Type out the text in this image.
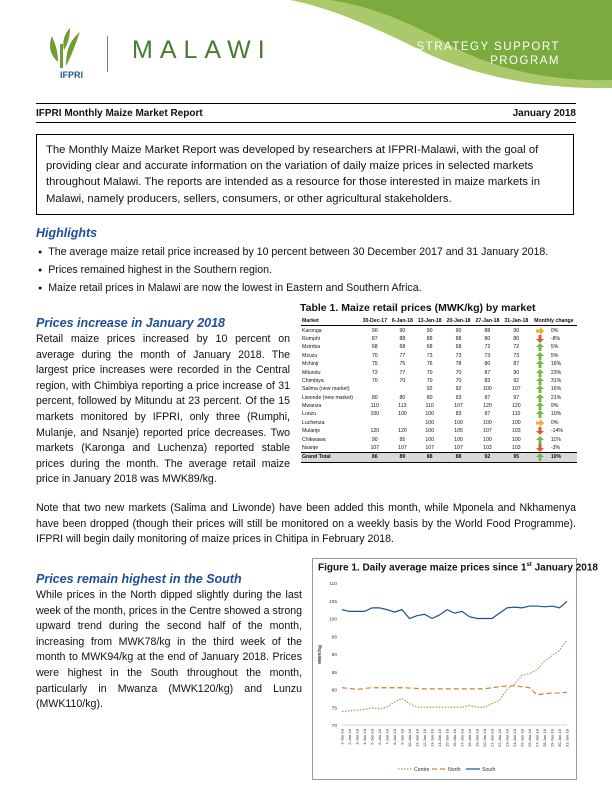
IFPRI
MALAWI	STRATEGY SUPPORT
PROGRAM
IFPRI Monthly Maize Market Report	January 2018
The Monthly Maize Market Report was developed by researchers at IFPRI-Malawi, with the goal of providing clear and accurate information on the variation of daily maize prices in selected markets throughout Malawi. The reports are intended as a resource for those interested in maize markets in Malawi, namely producers, sellers, consumers, or other agricultural stakeholders.
Highlights
● The average maize retail price increased by 10 percent between 30 December 2017 and 31 January 2018.
● Prices remained highest in the Southern region.
● Maize retail prices in Malawi are now the lowest in Eastern and Southern Africa.
Prices increase in January 2018
Retail maize prices increased by 10 percent on average during the month of January 2018. The largest price increases were recorded in the Central region, with Chimbiya reporting a price increase of 31 percent, followed by Mitundu at 23 percent. Of the 15 markets monitored by IFPRI, only three (Rumphi, Mulanje, and Nsanje) reported price decreases. Two markets (Karonga and Luchenza) reported stable prices during the month. The average retail maize price in January 2018 was MWK89/kg.
Table 1. Maize retail prices (MWK/kg) by market
Market	30-Dec-17	6-Jan-18	13-Jan-18	20-Jan-18	27-Jan-18	31-Jan-18	Monthly change	
Karonga	90	90	90	90	88	90		0%
Rumphi	87	88	88	88	80	80		-8%
Mzimba	68	68	68	68	72	72		5%
Mzuzu	70	77	73	73	73	73		5%
Mchinji	75	75	76	78	80	87		16%
Mitundu	73	77	70	70	87	90		23%
Chimbiya	70	70	70	70	83	92		31%
Salima (new market)			92	92	100	107		16%
Liwonde (new market)	80	80	80	93	97	97		21%
Mwanza	110	113	110	107	120	120		9%
Lunzu	100	100	100	83	97	110		10%
Luchenza			100	100	100	100		0%
Mulanje	120	120	100	105	107	103		-14%
Chikwawa	90	95	100	100	100	100		11%
Nsanje	107	107	107	107	103	103		-3%
Grand Total	86	89	88	88	92	95		10%
Note that two new markets (Salima and Liwonde) have been added this month, while Mponela and Nkhamenya have been dropped (though their prices will still be monitored on a weekly basis by the World Food Programme). IFPRI will begin daily monitoring of maize prices in Chitipa in February 2018.
Prices remain highest in the South
While prices in the North dipped slightly during the last week of the month, prices in the Centre showed a strong upward trend during the second half of the month, increasing from MWK78/kg in the third week of the month to MWK94/kg at the end of January 2018. Prices were highest in the South throughout the month, particularly in Mwanza (MWK120/kg) and Lunzu (MWK110/kg).
Figure 1. Daily average maize prices since 1st January 2018
70
75
80
85
90
95
100
105
110
MWK/kg
1-Jan-18 2-Jan-18 3-Jan-18 4-Jan-18 5-Jan-18 6-Jan-18 7-Jan-18 8-Jan-18 9-Jan-18 10-Jan-18 11-Jan-18 12-Jan-18 13-Jan-18 14-Jan-18 15-Jan-18 16-Jan-18 17-Jan-18 18-Jan-18 19-Jan-18 20-Jan-18 21-Jan-18 22-Jan-18 23-Jan-18 24-Jan-18 25-Jan-18 26-Jan-18 27-Jan-18 28-Jan-18 29-Jan-18 30-Jan-18 31-Jan-18
Centre	North	South
